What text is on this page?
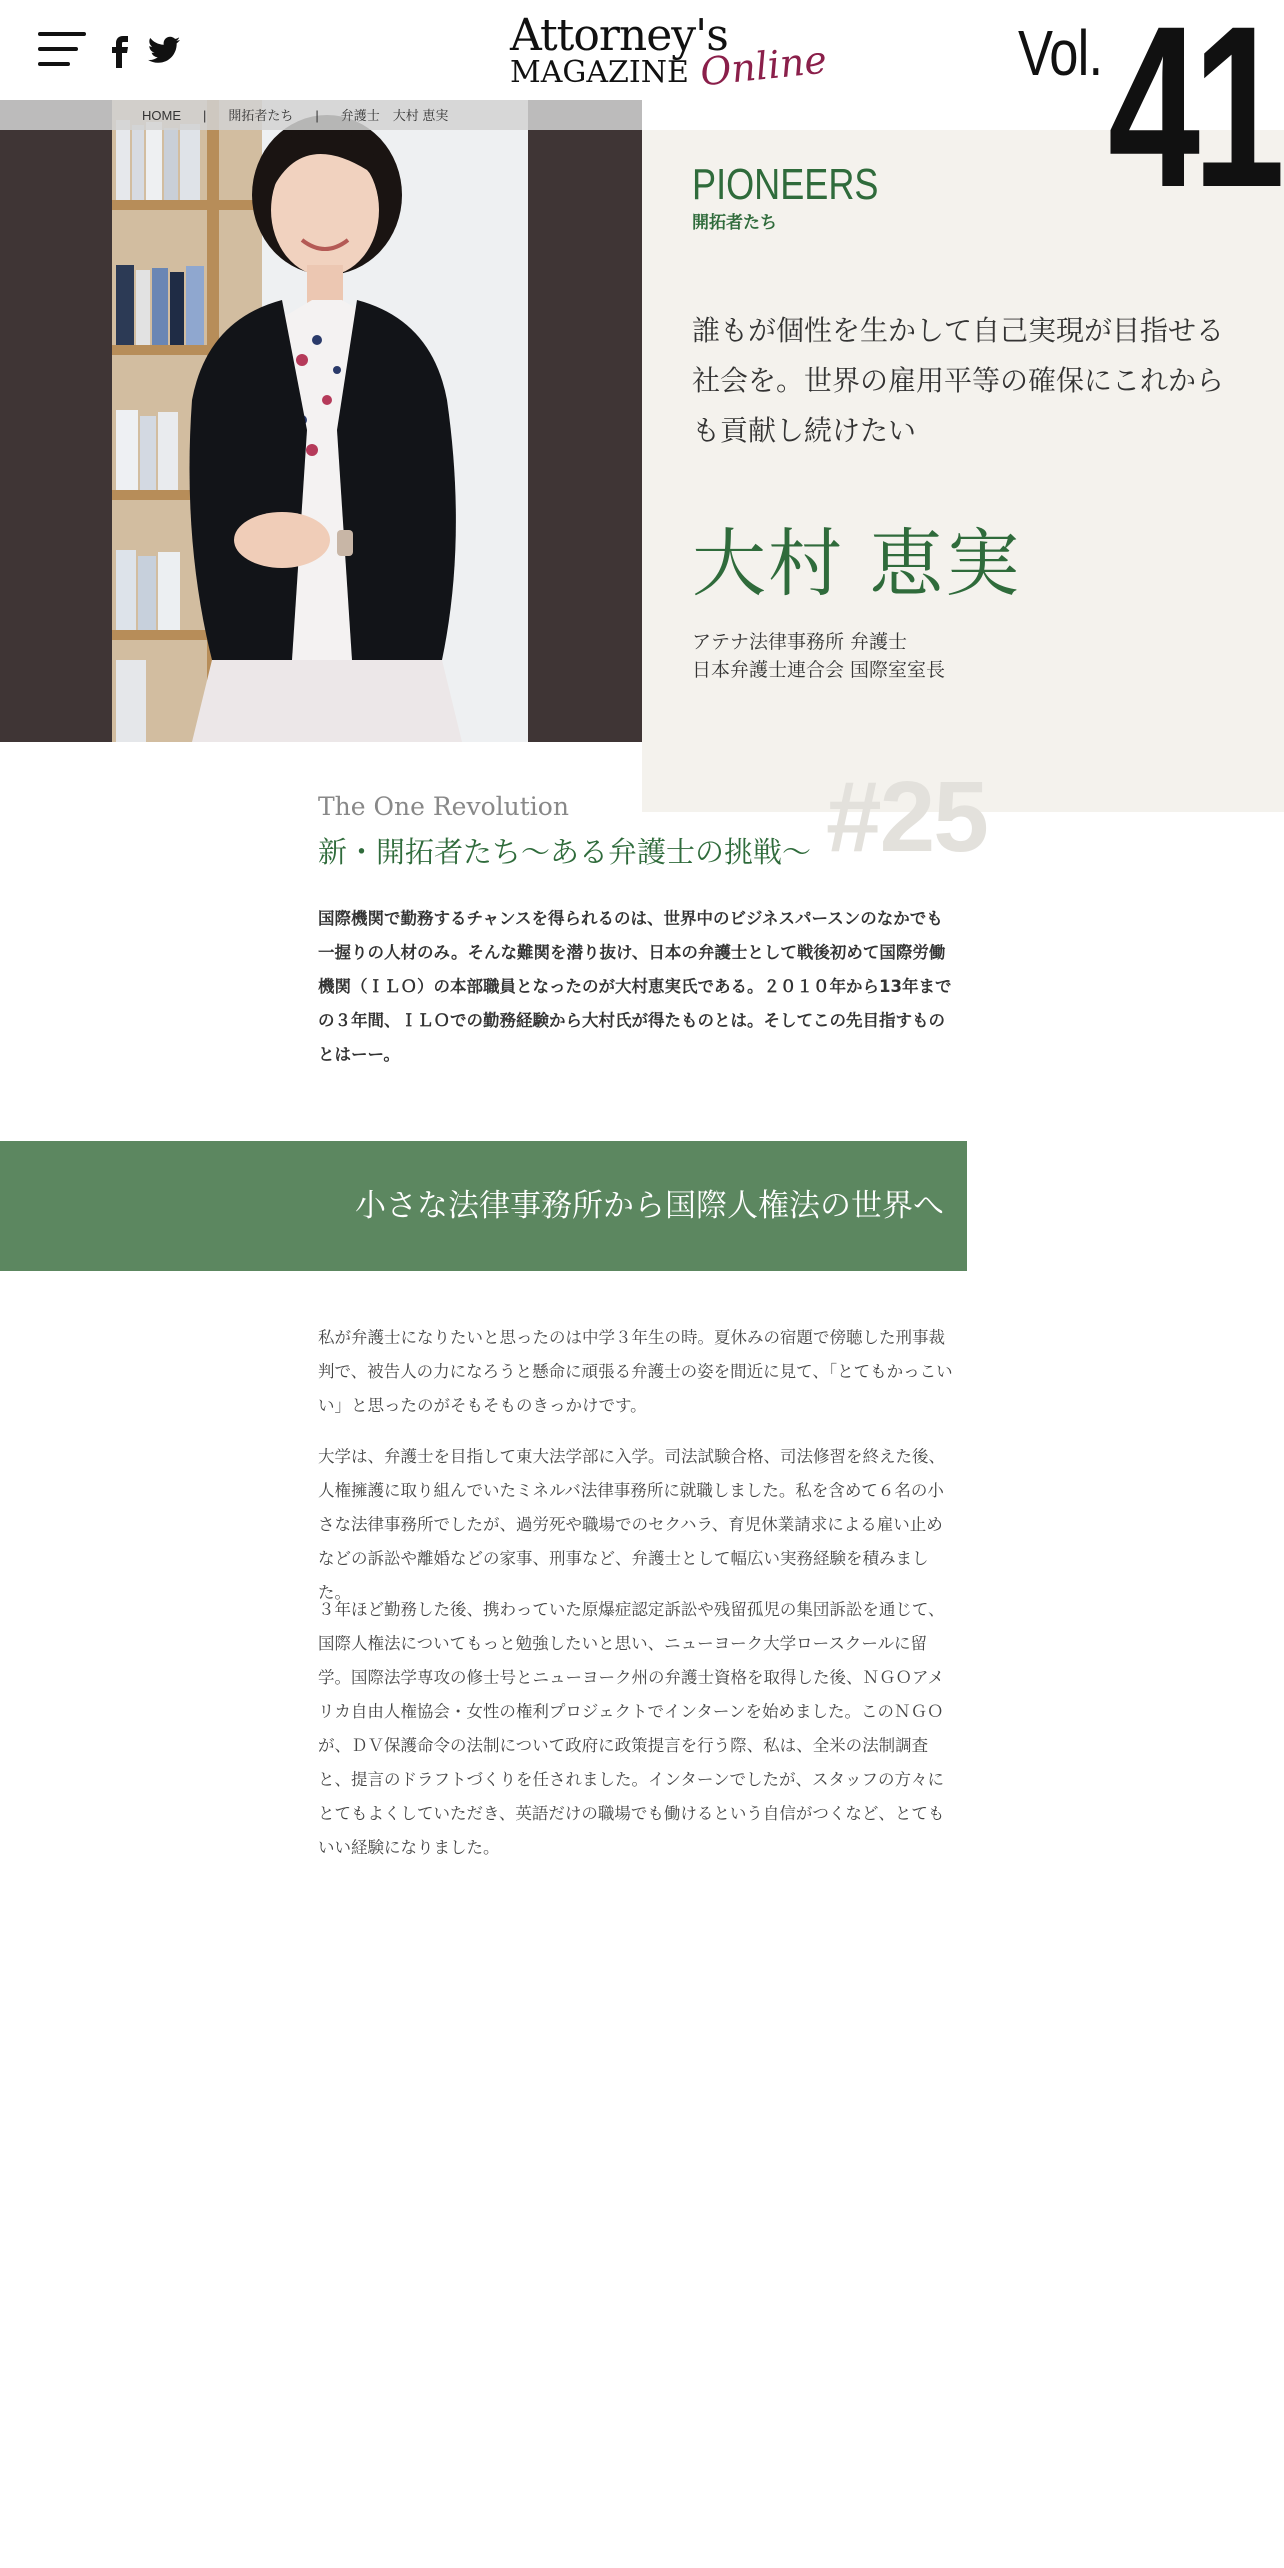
Attorney's
MAGAZINE Online
HOME | 開拓者たち | 弁護士　大村 恵実
Vol. 41
PIONEERS
開拓者たち
誰もが個性を生かして自己実現が目指せる社会を。世界の雇用平等の確保にこれからも貢献し続けたい
大村 恵実
アテナ法律事務所 弁護士
日本弁護士連合会 国際室室長
#25
The One Revolution
新・開拓者たち～ある弁護士の挑戦～
国際機関で勤務するチャンスを得られるのは、世界中のビジネスパースンのなかでも一握りの人材のみ。そんな難関を潜り抜け、日本の弁護士として戦後初めて国際労働機関（ＩＬＯ）の本部職員となったのが大村恵実氏である。２０１０年から13年までの３年間、ＩＬＯでの勤務経験から大村氏が得たものとは。そしてこの先目指すものとはーー。
小さな法律事務所から国際人権法の世界へ

私が弁護士になりたいと思ったのは中学３年生の時。夏休みの宿題で傍聴した刑事裁判で、被告人の力になろうと懸命に頑張る弁護士の姿を間近に見て、「とてもかっこいい」と思ったのがそもそものきっかけです。

大学は、弁護士を目指して東大法学部に入学。司法試験合格、司法修習を終えた後、人権擁護に取り組んでいたミネルバ法律事務所に就職しました。私を含めて６名の小さな法律事務所でしたが、過労死や職場でのセクハラ、育児休業請求による雇い止めなどの訴訟や離婚などの家事、刑事など、弁護士として幅広い実務経験を積みました。

３年ほど勤務した後、携わっていた原爆症認定訴訟や残留孤児の集団訴訟を通じて、国際人権法についてもっと勉強したいと思い、ニューヨーク大学ロースクールに留学。国際法学専攻の修士号とニューヨーク州の弁護士資格を取得した後、ＮＧＯアメリカ自由人権協会・女性の権利プロジェクトでインターンを始めました。このＮＧＯが、ＤＶ保護命令の法制について政府に政策提言を行う際、私は、全米の法制調査と、提言のドラフトづくりを任されました。インターンでしたが、スタッフの方々にとてもよくしていただき、英語だけの職場でも働けるという自信がつくなど、とてもいい経験になりました。
